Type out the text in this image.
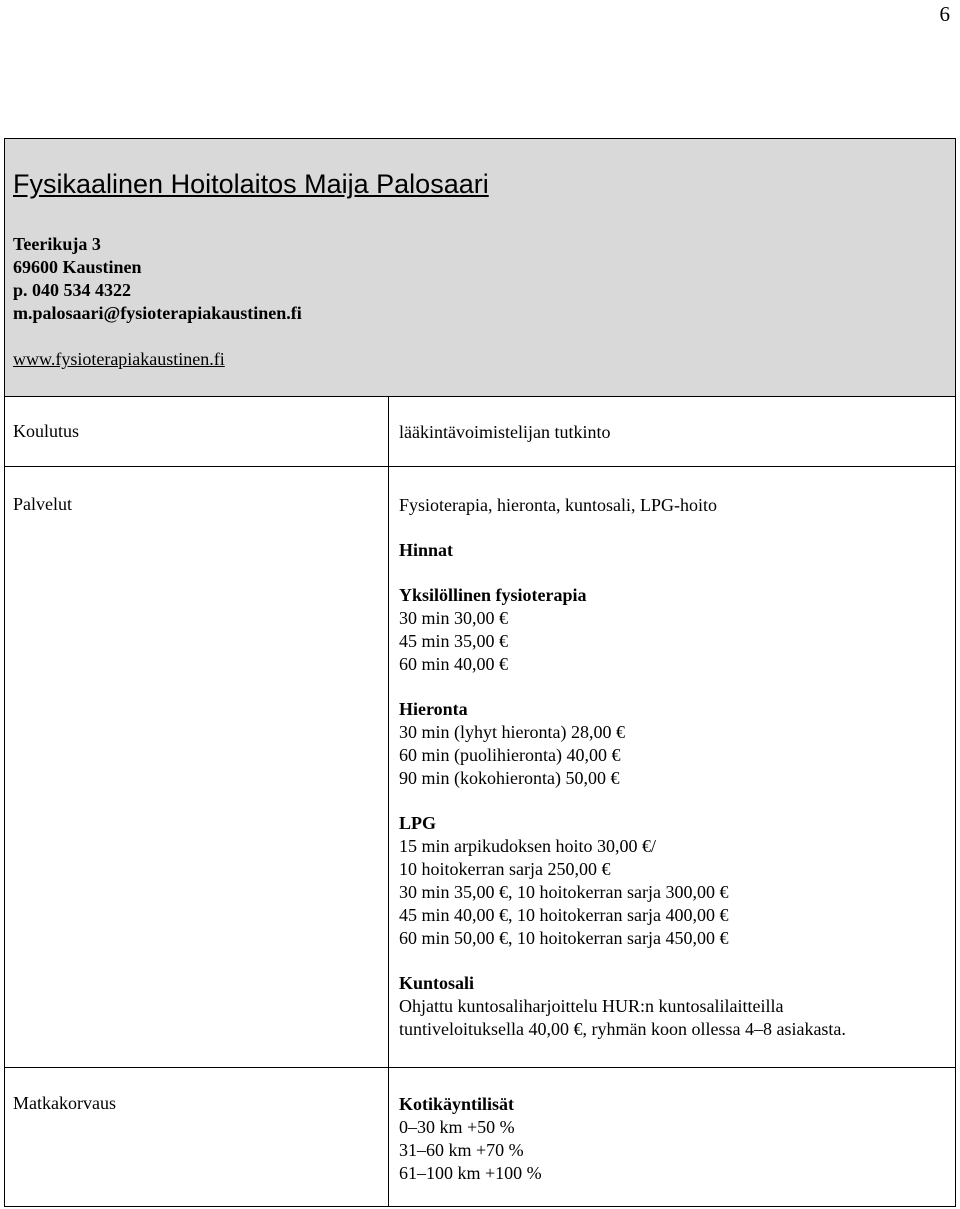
6
Fysikaalinen Hoitolaitos Maija Palosaari
Teerikuja 3
69600 Kaustinen
p. 040 534 4322
m.palosaari@fysioterapiakaustinen.fi
www.fysioterapiakaustinen.fi
Koulutus	lääkintävoimistelijan tutkinto
Palvelut	Fysioterapia, hieronta, kuntosali, LPG-hoito
Hinnat
Yksilöllinen fysioterapia
30 min 30,00 €
45 min 35,00 €
60 min 40,00 €
Hieronta
30 min (lyhyt hieronta) 28,00 €
60 min (puolihieronta) 40,00 €
90 min (kokohieronta) 50,00 €
LPG
15 min arpikudoksen hoito 30,00 €/
10 hoitokerran sarja 250,00 €
30 min 35,00 €, 10 hoitokerran sarja 300,00 €
45 min 40,00 €, 10 hoitokerran sarja 400,00 €
60 min 50,00 €, 10 hoitokerran sarja 450,00 €
Kuntosali
Ohjattu kuntosaliharjoittelu HUR:n kuntosalilaitteilla
tuntiveloituksella 40,00 €, ryhmän koon ollessa 4–8 asiakasta.
Matkakorvaus	Kotikäyntilisät
0–30 km +50 %
31–60 km +70 %
61–100 km +100 %
